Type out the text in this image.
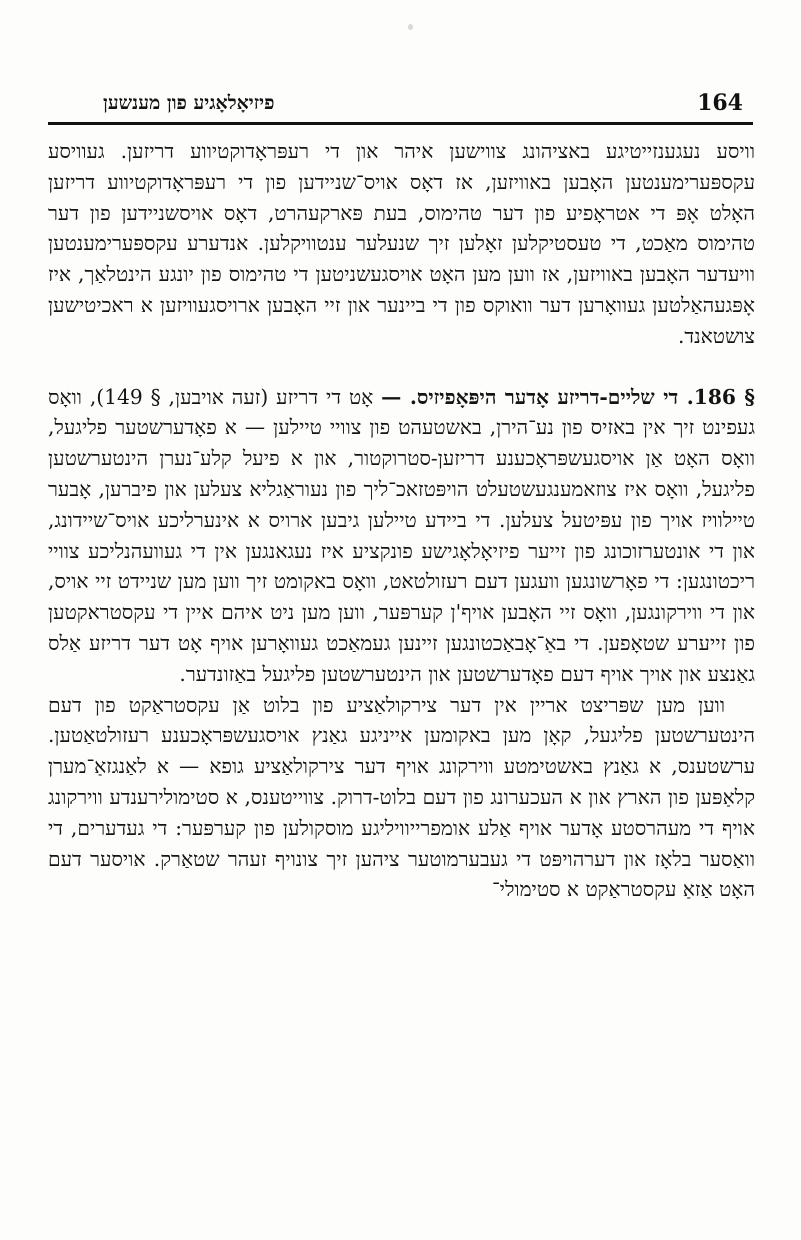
164
פיזיאָלאָגיע פון מענשען

וויסע נעגענזייטיגע באציהונג צווישען איהר און די רעפּראָדוקטיווע דריזען. געוויסע עקספּערימענטען האָבען באוויזען, אז דאָס אויס־שניידען פון די רעפּראָדוקטיווע דריזען האָלט אָפּ די אטראָפיע פון דער טהימוס, בעת פּארקעהרט, דאָס אויסשניידען פון דער טהימוס מאַכט, די טעסטיקלען זאָלען זיך שנעלער ענטוויקלען. אנדערע עקספּערימענטען וויעדער האָבען באוויזען, אז ווען מען האָט אויסגעשניטען די טהימוס פון יונגע הינטלאַך, איז אָפּגעהאַלטען געוואָרען דער וואוקס פון די ביינער און זיי האָבען ארויסגעוויזען א ראכיטישען צושטאנד.

§ 186. די שליים-דריזע אָדער היפּאָפיזיס. — אָט די דריזע (זעה אויבען, § 149), וואָס געפינט זיך אין באזיס פון נע־הירן, באשטעהט פון צוויי טיילען — א פאָדערשטער פליגעל, וואָס האָט אַן אויסגעשפּראָכענע דריזען-סטרוקטור, און א פיעל קלע־נערן הינטערשטען פליגעל, וואָס איז צוזאמענגעשטעלט הויפּטזאכ־ליך פון נעוראַגליא צעלען און פיברען, אָבער טיילוויז אויך פון עפּיטעל צעלען. די ביידע טיילען גיבען ארויס א אינערליכע אויס־שיידונג, און די אונטערזוכונג פון זייער פיזיאָלאָגישע פונקציע איז נעגאנגען אין די געוועהנליכע צוויי ריכטונגען: די פאָרשונגען וועגען דעם רעזולטאט, וואָס באקומט זיך ווען מען שניידט זיי אויס, און די ווירקונגען, וואָס זיי האָבען אויף'ן קערפּער, ווען מען ניט איהם איין די עקסטראקטען פון זייערע שטאָפען. די באַ־אָבאַכטונגען זיינען געמאַכט געוואָרען אויף אָט דער דריזע אַלס גאַנצע און אויך אויף דעם פאָדערשטען און הינטערשטען פליגעל באַזונדער.

ווען מען שפּריצט אריין אין דער צירקולאַציע פון בלוט אַן עקסטראַקט פון דעם הינטערשטען פליגעל, קאָן מען באקומען אייניגע גאַנץ אויסגעשפּראָכענע רעזולטאַטען. ערשטענס, א גאַנץ באשטימטע ווירקונג אויף דער צירקולאַציע גופא — א לאַנגזאַ־מערן קלאַפּען פון הארץ און א העכערונג פון דעם בלוט-דרוק. צווייטענס, א סטימולירענדע ווירקונג אויף די מעהרסטע אָדער אויף אַלע אומפרייוויליגע מוסקולען פון קערפּער: די געדערים, די וואַסער בלאָז און דערהויפּט די געבערמוטער ציהען זיך צונויף זעהר שטאַרק. אויסער דעם האָט אַזאַ עקסטראַקט א סטימולי־
